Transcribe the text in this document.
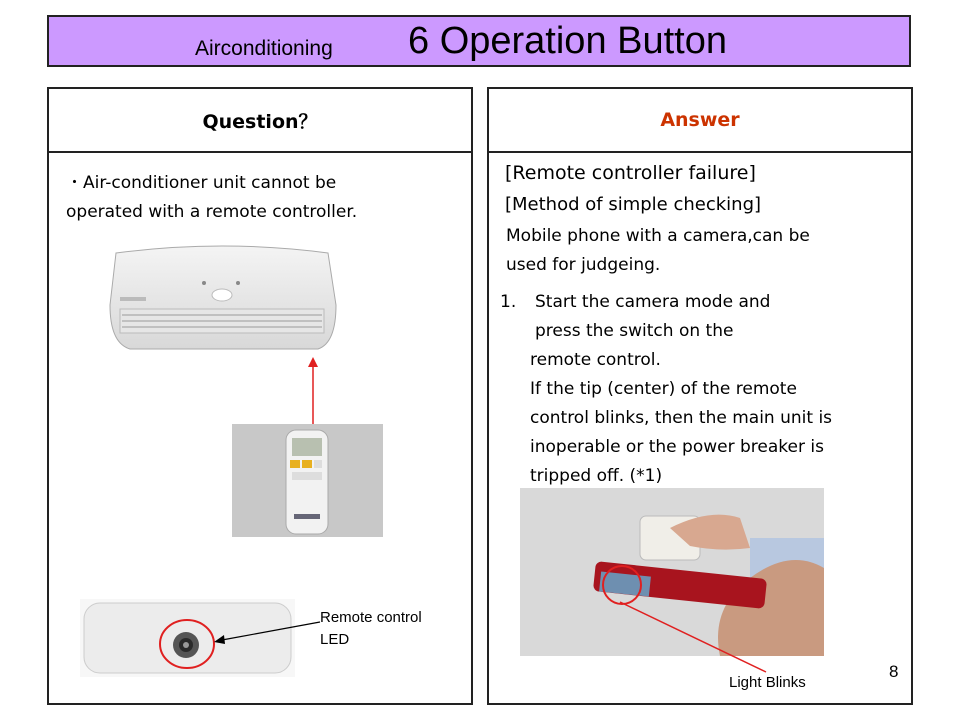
Airconditioning 6 Operation Button
Question？
・Air-conditioner unit cannot be
operated with a remote controller.
Remote control
LED
Answer
[Remote controller failure]
[Method of simple checking]
Mobile phone with a camera,can be
used for judgeing.
1. Start the camera mode and
press the switch on the
remote control.
If the tip (center) of the remote
control blinks, then the main unit is
inoperable or the power breaker is
tripped off. (*1)
Light Blinks
8
